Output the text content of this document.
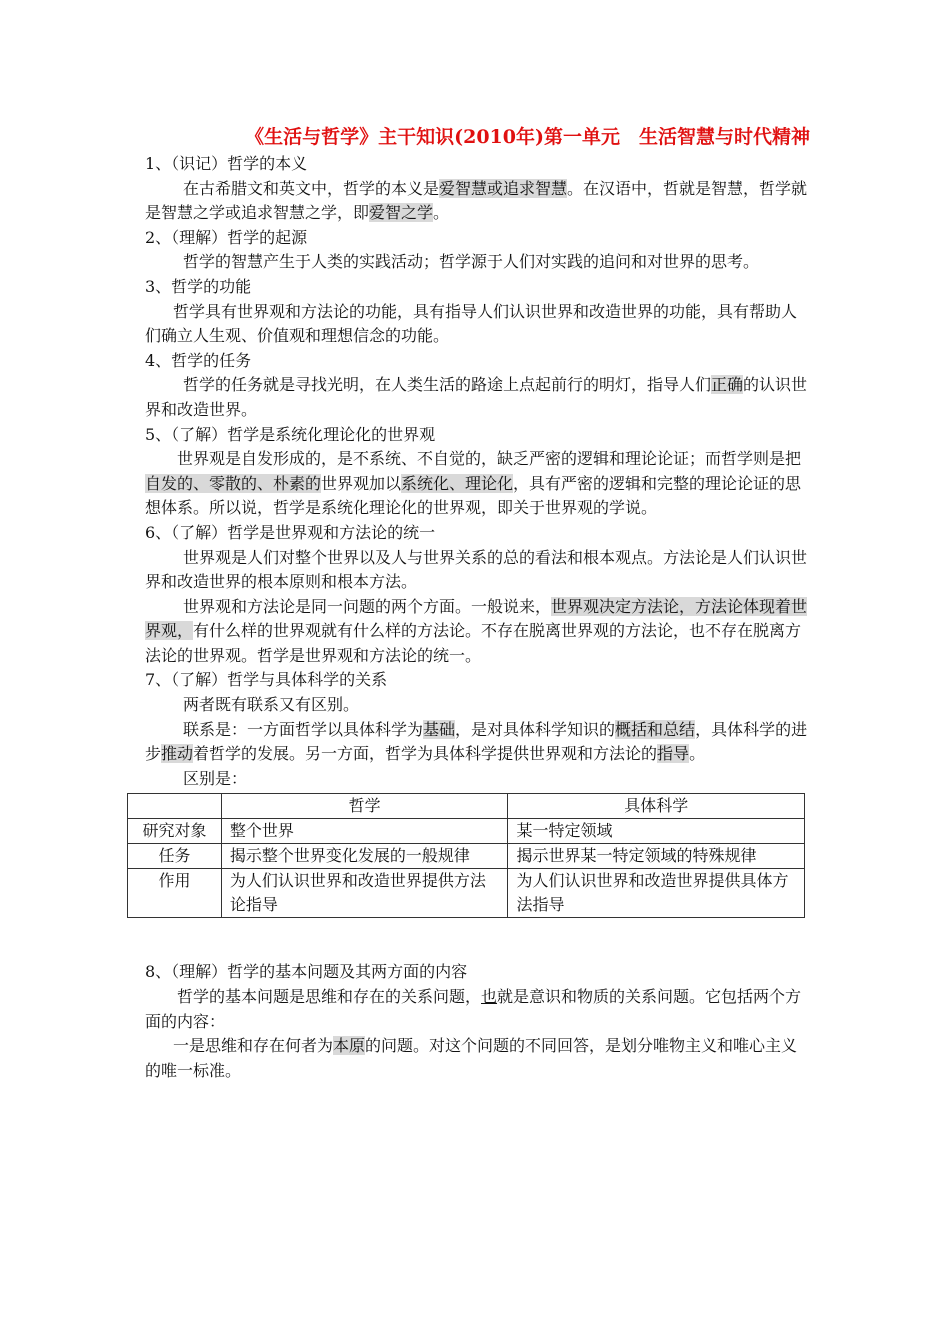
《生活与哲学》主干知识(2010年)第一单元　生活智慧与时代精神
1、（识记）哲学的本义
在古希腊文和英文中，哲学的本义是爱智慧或追求智慧。在汉语中，哲就是智慧，哲学就是智慧之学或追求智慧之学，即爱智之学。
2、（理解）哲学的起源
哲学的智慧产生于人类的实践活动；哲学源于人们对实践的追问和对世界的思考。
3、哲学的功能
哲学具有世界观和方法论的功能，具有指导人们认识世界和改造世界的功能，具有帮助人们确立人生观、价值观和理想信念的功能。
4、哲学的任务
哲学的任务就是寻找光明，在人类生活的路途上点起前行的明灯，指导人们正确的认识世界和改造世界。
5、（了解）哲学是系统化理论化的世界观
世界观是自发形成的，是不系统、不自觉的，缺乏严密的逻辑和理论论证；而哲学则是把自发的、零散的、朴素的世界观加以系统化、理论化，具有严密的逻辑和完整的理论论证的思想体系。所以说，哲学是系统化理论化的世界观，即关于世界观的学说。
6、（了解）哲学是世界观和方法论的统一
世界观是人们对整个世界以及人与世界关系的总的看法和根本观点。方法论是人们认识世界和改造世界的根本原则和根本方法。
世界观和方法论是同一问题的两个方面。一般说来，世界观决定方法论，方法论体现着世界观，有什么样的世界观就有什么样的方法论。不存在脱离世界观的方法论，也不存在脱离方法论的世界观。哲学是世界观和方法论的统一。
7、（了解）哲学与具体科学的关系
两者既有联系又有区别。
联系是：一方面哲学以具体科学为基础，是对具体科学知识的概括和总结，具体科学的进步推动着哲学的发展。另一方面，哲学为具体科学提供世界观和方法论的指导。
区别是：
	哲学	具体科学
研究对象	整个世界	某一特定领域
任务	揭示整个世界变化发展的一般规律	揭示世界某一特定领域的特殊规律
作用	为人们认识世界和改造世界提供方法论指导	为人们认识世界和改造世界提供具体方法指导
8、（理解）哲学的基本问题及其两方面的内容
哲学的基本问题是思维和存在的关系问题，也就是意识和物质的关系问题。它包括两个方面的内容：
一是思维和存在何者为本原的问题。对这个问题的不同回答，是划分唯物主义和唯心主义的唯一标准。
